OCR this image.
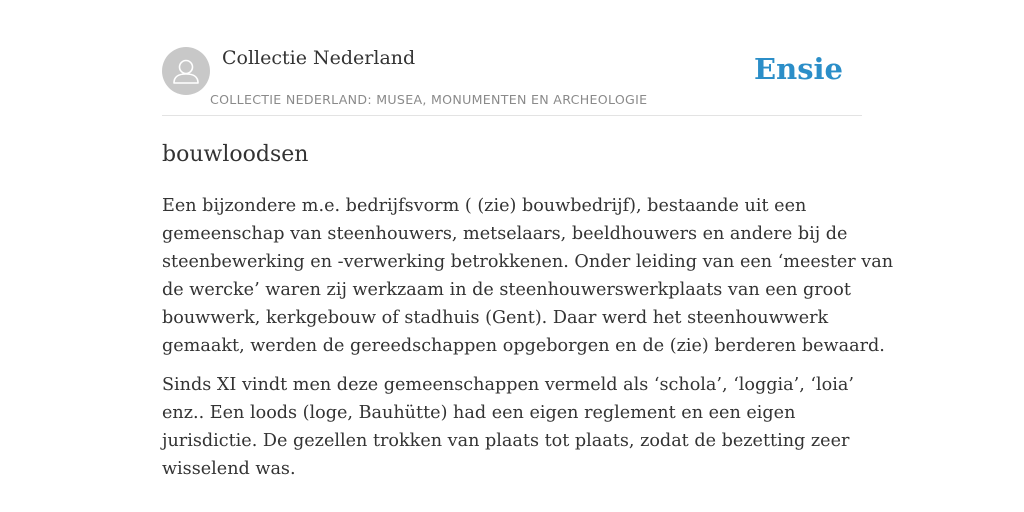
Collectie Nederland
COLLECTIE NEDERLAND: MUSEA, MONUMENTEN EN ARCHEOLOGIE
Ensie
bouwloodsen

Een bijzondere m.e. bedrijfsvorm ( (zie) bouwbedrijf), bestaande uit een
gemeenschap van steenhouwers, metselaars, beeldhouwers en andere bij de
steenbewerking en -verwerking betrokkenen. Onder leiding van een ‘meester van
de wercke’ waren zij werkzaam in de steenhouwerswerkplaats van een groot
bouwwerk, kerkgebouw of stadhuis (Gent). Daar werd het steenhouwwerk
gemaakt, werden de gereedschappen opgeborgen en de (zie) berderen bewaard.

Sinds XI vindt men deze gemeenschappen vermeld als ‘schola’, ‘loggia’, ‘loia’
enz.. Een loods (loge, Bauhütte) had een eigen reglement en een eigen
jurisdictie. De gezellen trokken van plaats tot plaats, zodat de bezetting zeer
wisselend was.
